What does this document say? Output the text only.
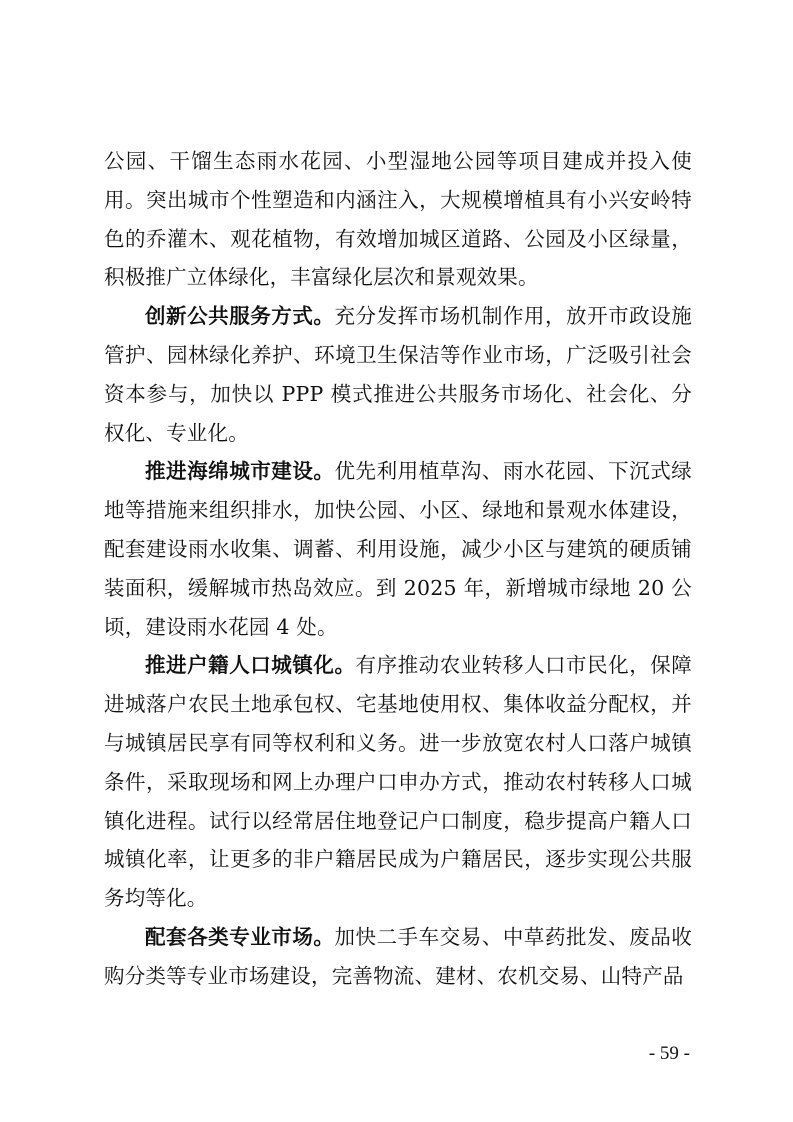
公园、干馏生态雨水花园、小型湿地公园等项目建成并投入使用。突出城市个性塑造和内涵注入，大规模增植具有小兴安岭特色的乔灌木、观花植物，有效增加城区道路、公园及小区绿量，积极推广立体绿化，丰富绿化层次和景观效果。

创新公共服务方式。充分发挥市场机制作用，放开市政设施管护、园林绿化养护、环境卫生保洁等作业市场，广泛吸引社会资本参与，加快以 PPP 模式推进公共服务市场化、社会化、分权化、专业化。

推进海绵城市建设。优先利用植草沟、雨水花园、下沉式绿地等措施来组织排水，加快公园、小区、绿地和景观水体建设，配套建设雨水收集、调蓄、利用设施，减少小区与建筑的硬质铺装面积，缓解城市热岛效应。到 2025 年，新增城市绿地 20 公顷，建设雨水花园 4 处。

推进户籍人口城镇化。有序推动农业转移人口市民化，保障进城落户农民土地承包权、宅基地使用权、集体收益分配权，并与城镇居民享有同等权利和义务。进一步放宽农村人口落户城镇条件，采取现场和网上办理户口申办方式，推动农村转移人口城镇化进程。试行以经常居住地登记户口制度，稳步提高户籍人口城镇化率，让更多的非户籍居民成为户籍居民，逐步实现公共服务均等化。

配套各类专业市场。加快二手车交易、中草药批发、废品收购分类等专业市场建设，完善物流、建材、农机交易、山特产品

- 59 -
